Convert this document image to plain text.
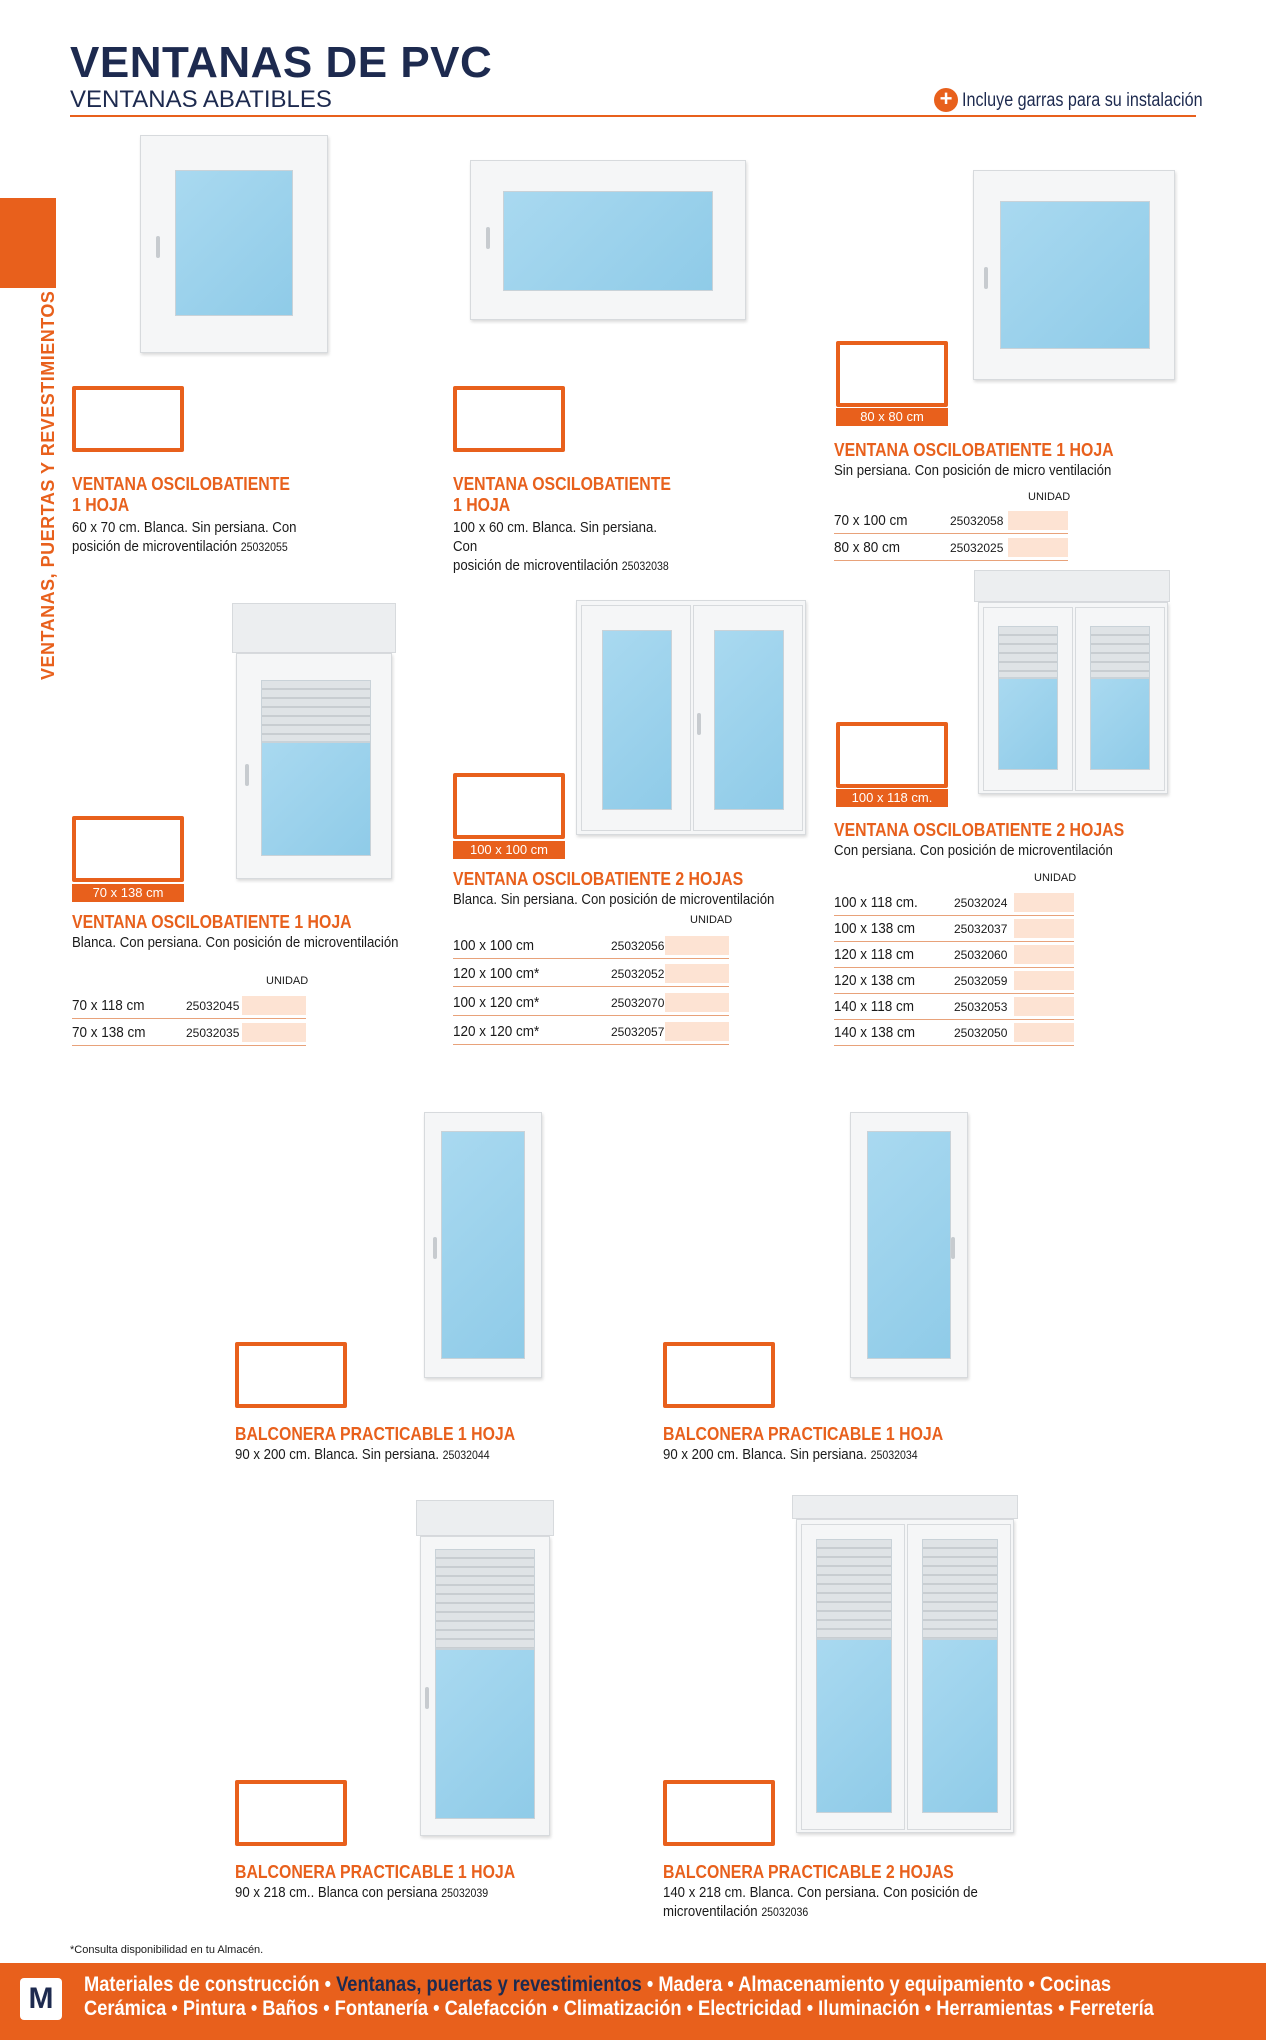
VENTANAS DE PVC
VENTANAS ABATIBLES	+ Incluye garras para su instalación
VENTANAS, PUERTAS Y REVESTIMIENTOS VENTANA OSCILOBATIENTE
1 HOJA
60 x 70 cm. Blanca. Sin persiana. Con
posición de microventilación 25032055
VENTANA OSCILOBATIENTE
1 HOJA
100 x 60 cm. Blanca. Sin persiana. Con
posición de microventilación 25032038
80 x 80 cm
VENTANA OSCILOBATIENTE 1 HOJA
Sin persiana. Con posición de micro ventilación
UNIDAD
70 x 100 cm	25032058
80 x 80 cm	25032025
70 x 138 cm
VENTANA OSCILOBATIENTE 1 HOJA
Blanca. Con persiana. Con posición de microventilación
UNIDAD
70 x 118 cm	25032045
70 x 138 cm	25032035
100 x 100 cm
VENTANA OSCILOBATIENTE 2 HOJAS
Blanca. Sin persiana. Con posición de microventilación
UNIDAD
100 x 100 cm	25032056
120 x 100 cm*	25032052
100 x 120 cm*	25032070
120 x 120 cm*	25032057
100 x 118 cm.
VENTANA OSCILOBATIENTE 2 HOJAS
Con persiana. Con posición de microventilación
UNIDAD
100 x 118 cm.	25032024
100 x 138 cm	25032037
120 x 118 cm	25032060
120 x 138 cm	25032059
140 x 118 cm	25032053
140 x 138 cm	25032050
BALCONERA PRACTICABLE 1 HOJA
90 x 200 cm. Blanca. Sin persiana. 25032044
BALCONERA PRACTICABLE 1 HOJA
90 x 200 cm. Blanca. Sin persiana. 25032034
BALCONERA PRACTICABLE 1 HOJA
90 x 218 cm.. Blanca con persiana 25032039
BALCONERA PRACTICABLE 2 HOJAS
140 x 218 cm. Blanca. Con persiana. Con posición de
microventilación 25032036
*Consulta disponibilidad en tu Almacén.
M	Materiales de construcción • Ventanas, puertas y revestimientos • Madera • Almacenamiento y equipamiento • Cocinas
Cerámica • Pintura • Baños • Fontanería • Calefacción • Climatización • Electricidad • Iluminación • Herramientas • Ferretería
